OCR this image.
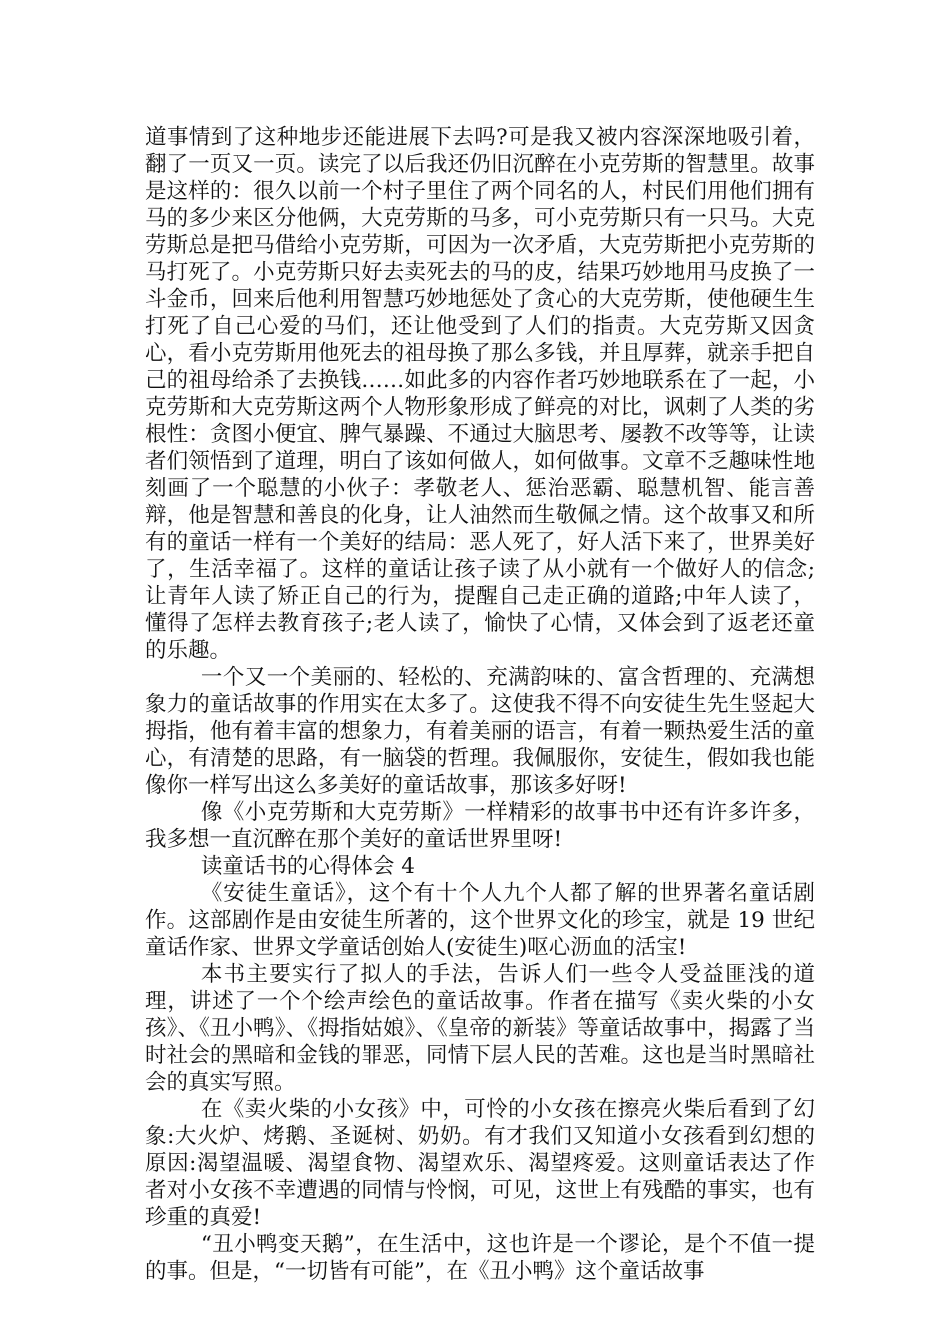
道事情到了这种地步还能进展下去吗?可是我又被内容深深地吸引着，翻了一页又一页。读完了以后我还仍旧沉醉在小克劳斯的智慧里。故事是这样的：很久以前一个村子里住了两个同名的人，村民们用他们拥有马的多少来区分他俩，大克劳斯的马多，可小克劳斯只有一只马。大克劳斯总是把马借给小克劳斯，可因为一次矛盾，大克劳斯把小克劳斯的马打死了。小克劳斯只好去卖死去的马的皮，结果巧妙地用马皮换了一斗金币，回来后他利用智慧巧妙地惩处了贪心的大克劳斯，使他硬生生打死了自己心爱的马们，还让他受到了人们的指责。大克劳斯又因贪心，看小克劳斯用他死去的祖母换了那么多钱，并且厚葬，就亲手把自己的祖母给杀了去换钱……如此多的内容作者巧妙地联系在了一起，小克劳斯和大克劳斯这两个人物形象形成了鲜亮的对比，讽刺了人类的劣根性：贪图小便宜、脾气暴躁、不通过大脑思考、屡教不改等等，让读者们领悟到了道理，明白了该如何做人，如何做事。文章不乏趣味性地刻画了一个聪慧的小伙子：孝敬老人、惩治恶霸、聪慧机智、能言善辩，他是智慧和善良的化身，让人油然而生敬佩之情。这个故事又和所有的童话一样有一个美好的结局：恶人死了，好人活下来了，世界美好了，生活幸福了。这样的童话让孩子读了从小就有一个做好人的信念;让青年人读了矫正自己的行为，提醒自己走正确的道路;中年人读了，懂得了怎样去教育孩子;老人读了，愉快了心情，又体会到了返老还童的乐趣。

一个又一个美丽的、轻松的、充满韵味的、富含哲理的、充满想象力的童话故事的作用实在太多了。这使我不得不向安徒生先生竖起大拇指，他有着丰富的想象力，有着美丽的语言，有着一颗热爱生活的童心，有清楚的思路，有一脑袋的哲理。我佩服你，安徒生，假如我也能像你一样写出这么多美好的童话故事，那该多好呀!

像《小克劳斯和大克劳斯》一样精彩的故事书中还有许多许多，我多想一直沉醉在那个美好的童话世界里呀!

读童话书的心得体会 4

《安徒生童话》，这个有十个人九个人都了解的世界著名童话剧作。这部剧作是由安徒生所著的，这个世界文化的珍宝，就是 19 世纪童话作家、世界文学童话创始人(安徒生)呕心沥血的活宝!

本书主要实行了拟人的手法，告诉人们一些令人受益匪浅的道理，讲述了一个个绘声绘色的童话故事。作者在描写《卖火柴的小女孩》、《丑小鸭》、《拇指姑娘》、《皇帝的新装》等童话故事中，揭露了当时社会的黑暗和金钱的罪恶，同情下层人民的苦难。这也是当时黑暗社会的真实写照。

在《卖火柴的小女孩》中，可怜的小女孩在擦亮火柴后看到了幻象:大火炉、烤鹅、圣诞树、奶奶。有才我们又知道小女孩看到幻想的原因:渴望温暖、渴望食物、渴望欢乐、渴望疼爱。这则童话表达了作者对小女孩不幸遭遇的同情与怜悯，可见，这世上有残酷的事实，也有珍重的真爱!

“丑小鸭变天鹅”，在生活中，这也许是一个谬论，是个不值一提的事。但是，“一切皆有可能”，在《丑小鸭》这个童话故事
